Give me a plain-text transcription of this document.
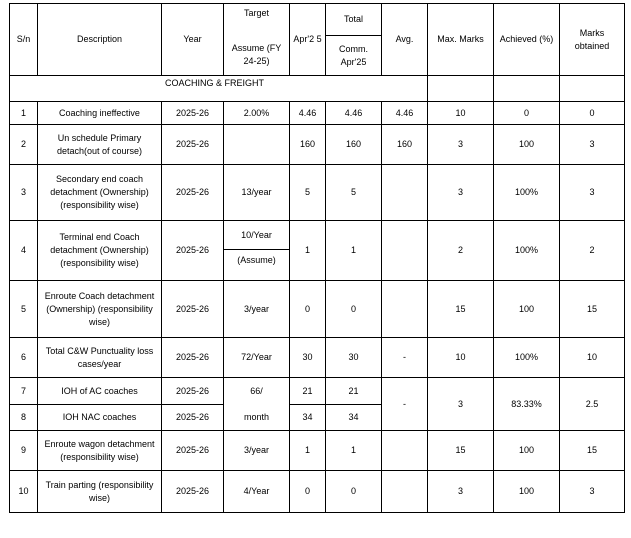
S/n	Description	Year	Target	Apr'2 5	Total	Avg.	Max. Marks	Achieved (%)	Marks obtained
			Assume (FY 24-25)		Comm. Apr'25				
COACHING & FREIGHT									
1	Coaching ineffective	2025-26	2.00%	4.46	4.46	4.46	10	0	0
2	Un schedule Primary detach(out of course)	2025-26		160	160	160	3	100	3
3	Secondary end coach detachment (Ownership) (responsibility wise)	2025-26	13/year	5	5		3	100%	3
4	Terminal end Coach detachment (Ownership) (responsibility wise)	2025-26	10/Year	1	1		2	100%	2
			(Assume)						
5	Enroute Coach detachment (Ownership) (responsibility wise)	2025-26	3/year	0	0		15	100	15
6	Total C&W Punctuality loss cases/year	2025-26	72/Year	30	30	-	10	100%	10
7	IOH of AC coaches	2025-26	66/	21	21	-	3	83.33%	2.5
8	IOH NAC coaches	2025-26	month	34	34				
9	Enroute wagon detachment (responsibility wise)	2025-26	3/year	1	1		15	100	15
10	Train parting (responsibility wise)	2025-26	4/Year	0	0		3	100	3
